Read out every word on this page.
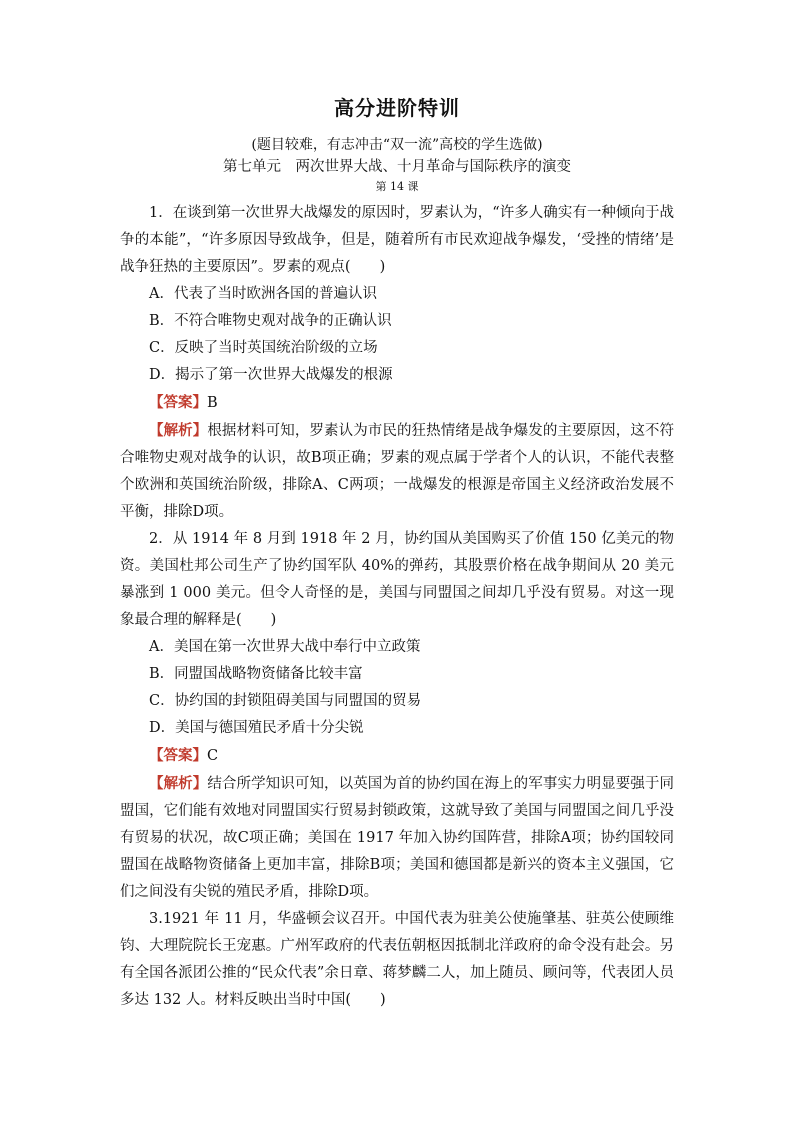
高分进阶特训
(题目较难，有志冲击“双一流”高校的学生选做)
第七单元　两次世界大战、十月革命与国际秩序的演变
第 14 课

1．在谈到第一次世界大战爆发的原因时，罗素认为，“许多人确实有一种倾向于战争的本能”，“许多原因导致战争，但是，随着所有市民欢迎战争爆发，‘受挫的情绪’是战争狂热的主要原因”。罗素的观点(　　)

A．代表了当时欧洲各国的普遍认识

B．不符合唯物史观对战争的正确认识

C．反映了当时英国统治阶级的立场

D．揭示了第一次世界大战爆发的根源

【答案】B

【解析】根据材料可知，罗素认为市民的狂热情绪是战争爆发的主要原因，这不符合唯物史观对战争的认识，故B项正确；罗素的观点属于学者个人的认识，不能代表整个欧洲和英国统治阶级，排除A、C两项；一战爆发的根源是帝国主义经济政治发展不平衡，排除D项。

2．从 1914 年 8 月到 1918 年 2 月，协约国从美国购买了价值 150 亿美元的物资。美国杜邦公司生产了协约国军队 40%的弹药，其股票价格在战争期间从 20 美元暴涨到 1 000 美元。但令人奇怪的是，美国与同盟国之间却几乎没有贸易。对这一现象最合理的解释是(　　)

A．美国在第一次世界大战中奉行中立政策

B．同盟国战略物资储备比较丰富

C．协约国的封锁阻碍美国与同盟国的贸易

D．美国与德国殖民矛盾十分尖锐

【答案】C

【解析】结合所学知识可知，以英国为首的协约国在海上的军事实力明显要强于同盟国，它们能有效地对同盟国实行贸易封锁政策，这就导致了美国与同盟国之间几乎没有贸易的状况，故C项正确；美国在 1917 年加入协约国阵营，排除A项；协约国较同盟国在战略物资储备上更加丰富，排除B项；美国和德国都是新兴的资本主义强国，它们之间没有尖锐的殖民矛盾，排除D项。

3.1921 年 11 月，华盛顿会议召开。中国代表为驻美公使施肇基、驻英公使顾维钧、大理院院长王宠惠。广州军政府的代表伍朝枢因抵制北洋政府的命令没有赴会。另有全国各派团公推的“民众代表”余日章、蒋梦麟二人，加上随员、顾问等，代表团人员多达 132 人。材料反映出当时中国(　　)
